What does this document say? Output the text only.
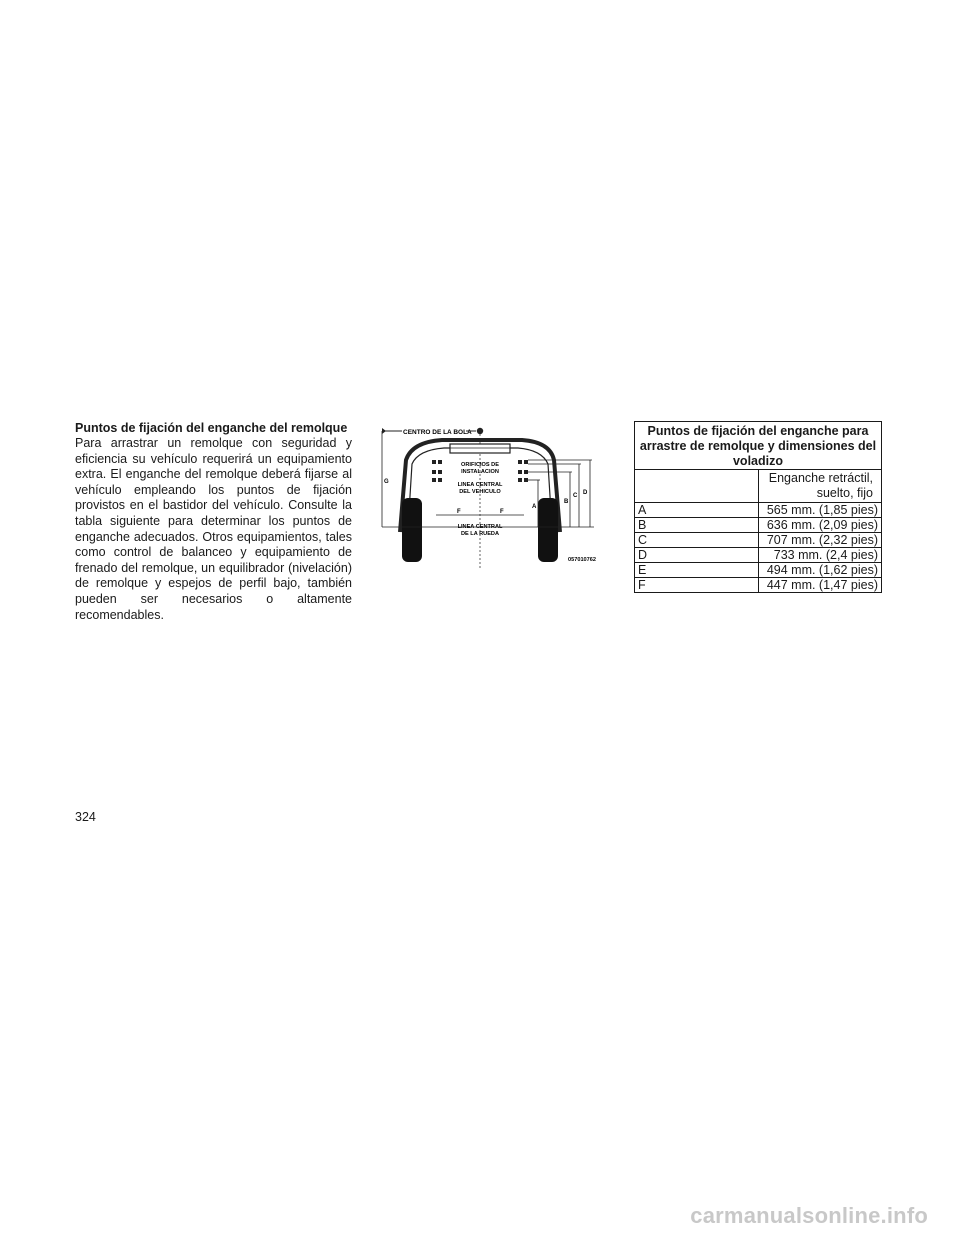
Puntos de fijación del enganche del remolque

Para arrastrar un remolque con seguridad y eficiencia su vehículo requerirá un equipamiento extra. El enganche del remolque deberá fijarse al vehículo empleando los puntos de fijación provistos en el bastidor del vehículo. Consulte la tabla siguiente para determinar los puntos de enganche adecuados. Otros equipamientos, tales como control de balanceo y equipamiento de frenado del remolque, un equilibrador (nivelación) de remolque y espejos de perfil bajo, también pueden ser necesarios o altamente recomendables.

CENTRO DE LA BOLA
G
ORIFICIOS DE
INSTALACION
LINEA CENTRAL
DEL VEHICULO
F	F
LINEA CENTRAL
DE LA RUEDA
A
B
C D
057010762
Puntos de fijación del enganche para arrastre de remolque y dimensiones del voladizo	
	Enganche retráctil, suelto, fijo
A	565 mm. (1,85 pies)
B	636 mm. (2,09 pies)
C	707 mm. (2,32 pies)
D	733 mm. (2,4 pies)
E	494 mm. (1,62 pies)
F	447 mm. (1,47 pies)

324

carmanualsonline.info
